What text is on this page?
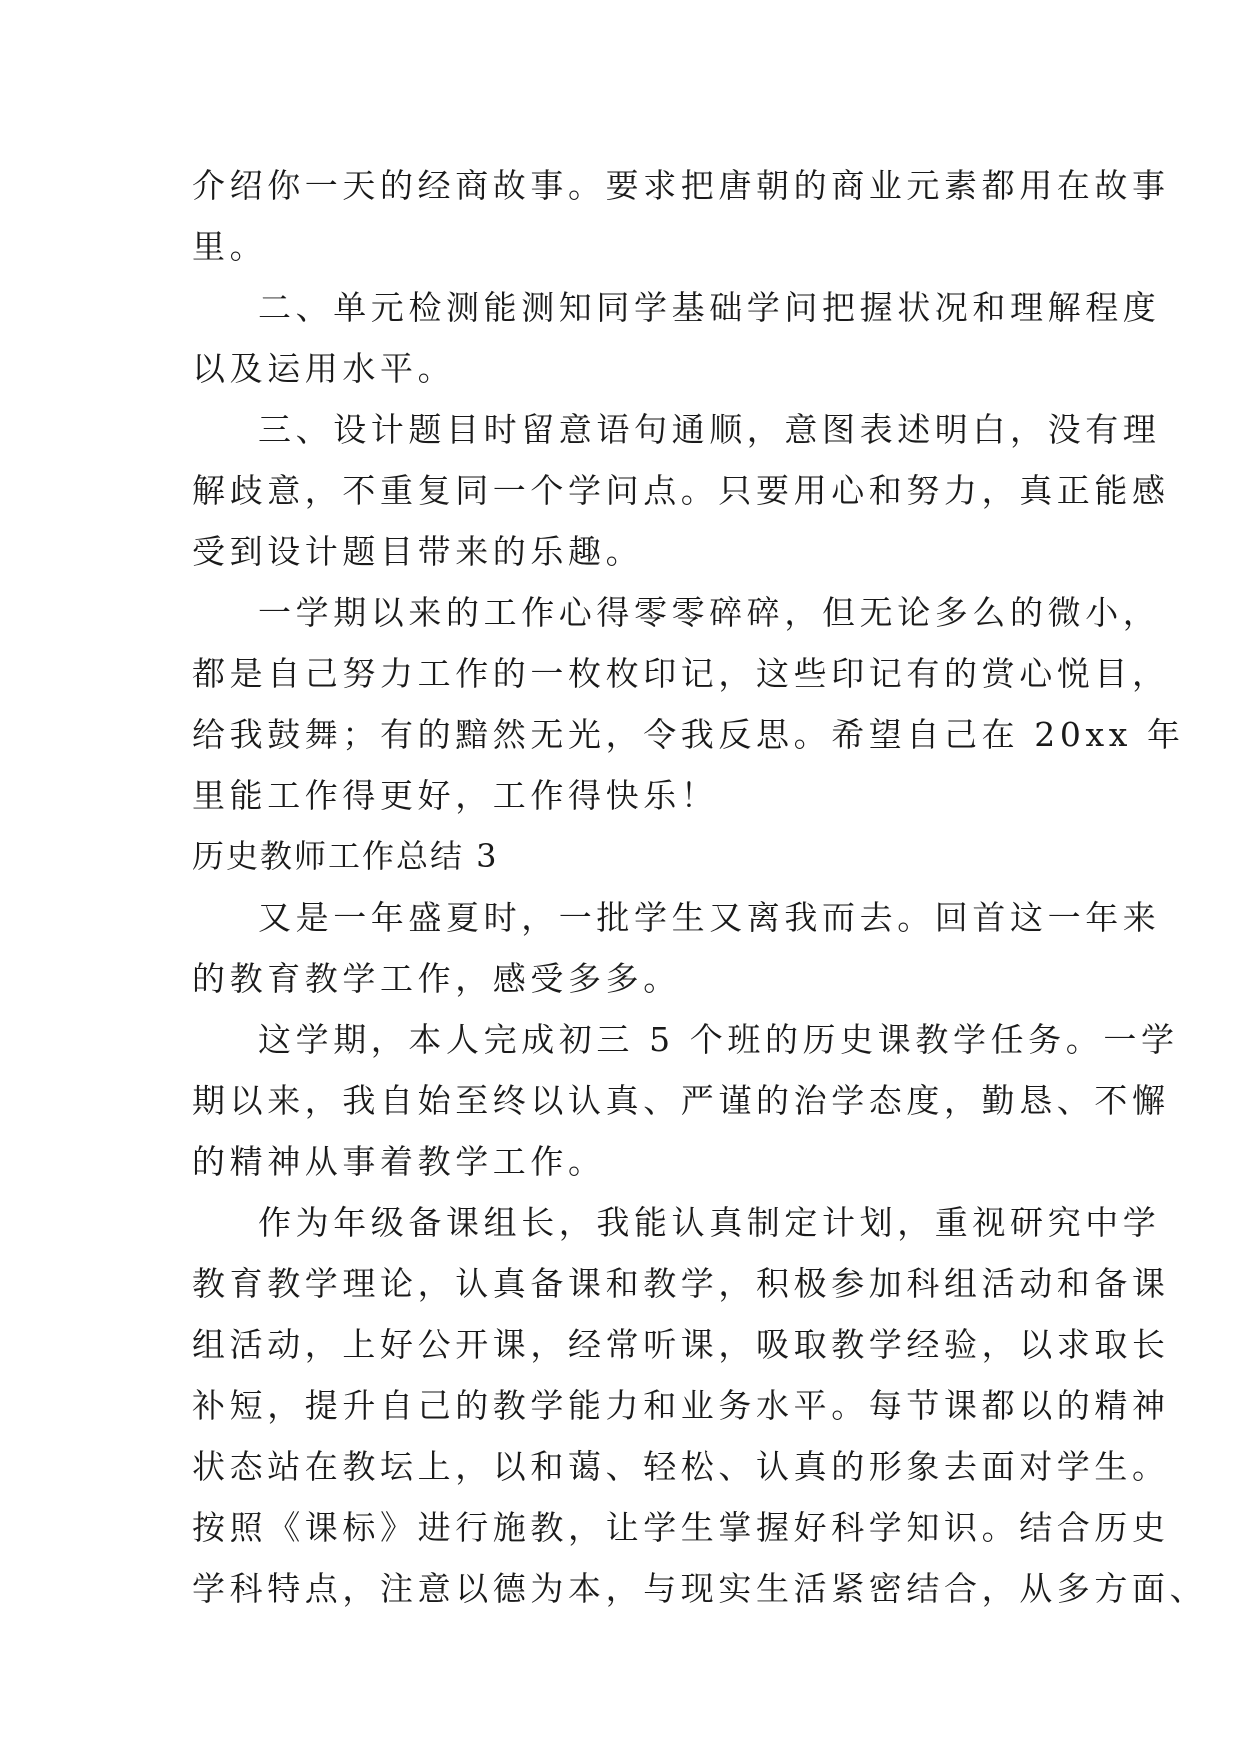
介绍你一天的经商故事。要求把唐朝的商业元素都用在故事
里。
二、单元检测能测知同学基础学问把握状况和理解程度
以及运用水平。
三、设计题目时留意语句通顺，意图表述明白，没有理
解歧意，不重复同一个学问点。只要用心和努力，真正能感
受到设计题目带来的乐趣。
一学期以来的工作心得零零碎碎，但无论多么的微小，
都是自己努力工作的一枚枚印记，这些印记有的赏心悦目，
给我鼓舞；有的黯然无光，令我反思。希望自己在 20xx 年
里能工作得更好，工作得快乐！
历史教师工作总结 3
又是一年盛夏时，一批学生又离我而去。回首这一年来
的教育教学工作，感受多多。
这学期，本人完成初三 5 个班的历史课教学任务。一学
期以来，我自始至终以认真、严谨的治学态度，勤恳、不懈
的精神从事着教学工作。
作为年级备课组长，我能认真制定计划，重视研究中学
教育教学理论，认真备课和教学，积极参加科组活动和备课
组活动，上好公开课，经常听课，吸取教学经验，以求取长
补短，提升自己的教学能力和业务水平。每节课都以的精神
状态站在教坛上，以和蔼、轻松、认真的形象去面对学生。
按照《课标》进行施教，让学生掌握好科学知识。结合历史
学科特点，注意以德为本，与现实生活紧密结合，从多方面、
